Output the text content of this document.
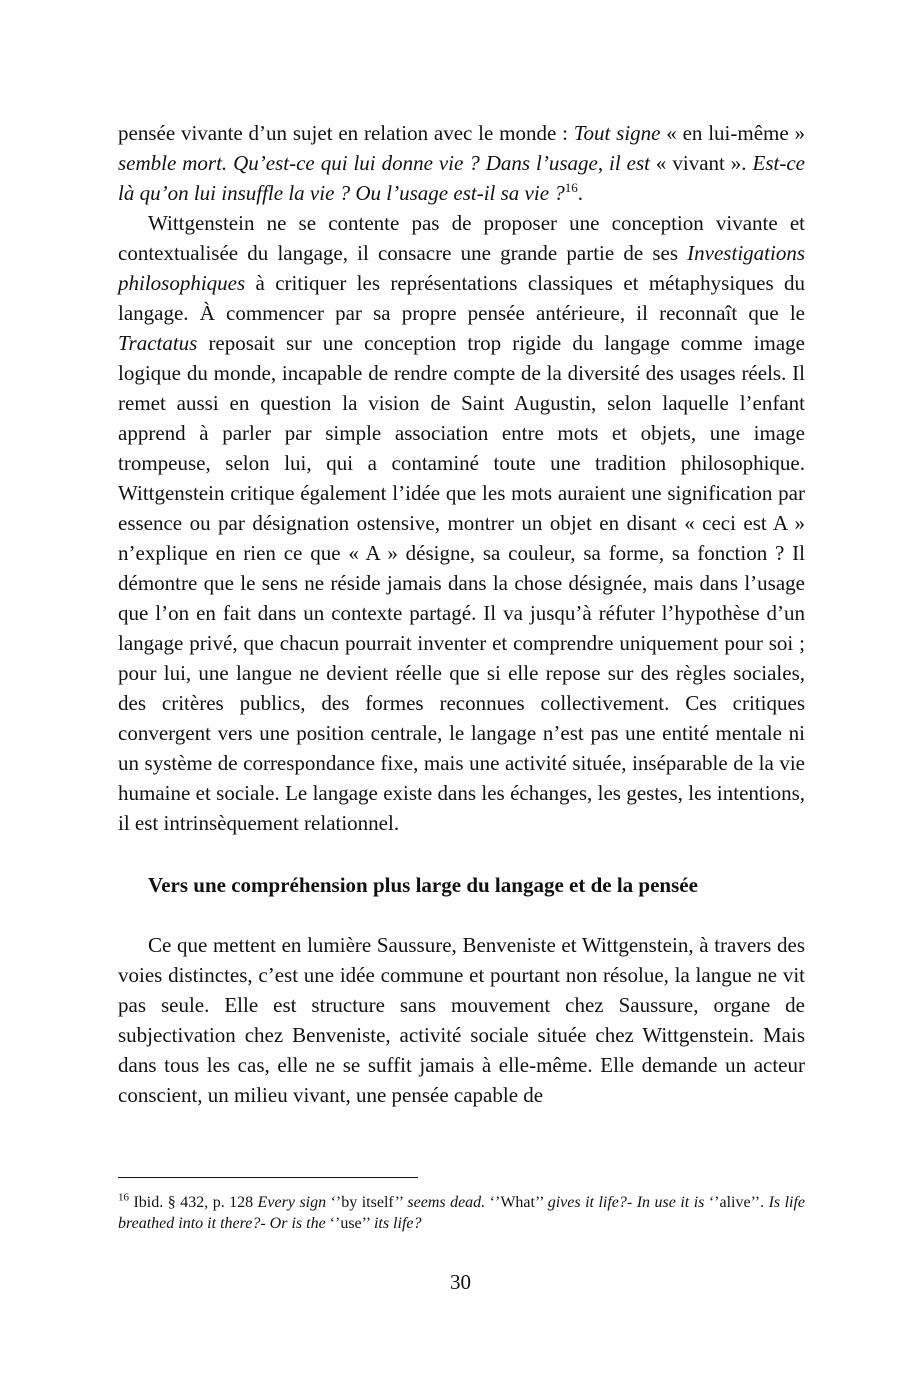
pensée vivante d’un sujet en relation avec le monde : Tout signe « en lui-même » semble mort. Qu’est-ce qui lui donne vie ? Dans l’usage, il est « vivant ». Est-ce là qu’on lui insuffle la vie ? Ou l’usage est-il sa vie ?$^{16}$.

Wittgenstein ne se contente pas de proposer une conception vivante et contextualisée du langage, il consacre une grande partie de ses Investigations philosophiques à critiquer les représentations classiques et métaphysiques du langage. À commencer par sa propre pensée antérieure, il reconnaît que le Tractatus reposait sur une conception trop rigide du langage comme image logique du monde, incapable de rendre compte de la diversité des usages réels. Il remet aussi en question la vision de Saint Augustin, selon laquelle l’enfant apprend à parler par simple association entre mots et objets, une image trompeuse, selon lui, qui a contaminé toute une tradition philosophique. Wittgenstein critique également l’idée que les mots auraient une signification par essence ou par désignation ostensive, montrer un objet en disant « ceci est A » n’explique en rien ce que « A » désigne, sa couleur, sa forme, sa fonction ? Il démontre que le sens ne réside jamais dans la chose désignée, mais dans l’usage que l’on en fait dans un contexte partagé. Il va jusqu’à réfuter l’hypothèse d’un langage privé, que chacun pourrait inventer et comprendre uniquement pour soi ; pour lui, une langue ne devient réelle que si elle repose sur des règles sociales, des critères publics, des formes reconnues collectivement. Ces critiques convergent vers une position centrale, le langage n’est pas une entité mentale ni un système de correspondance fixe, mais une activité située, inséparable de la vie humaine et sociale. Le langage existe dans les échanges, les gestes, les intentions, il est intrinsèquement relationnel.

Vers une compréhension plus large du langage et de la pensée

Ce que mettent en lumière Saussure, Benveniste et Wittgenstein, à travers des voies distinctes, c’est une idée commune et pourtant non résolue, la langue ne vit pas seule. Elle est structure sans mouvement chez Saussure, organe de subjectivation chez Benveniste, activité sociale située chez Wittgenstein. Mais dans tous les cas, elle ne se suffit jamais à elle-même. Elle demande un acteur conscient, un milieu vivant, une pensée capable de

$^{16}$ Ibid. § 432, p. 128 Every sign ‘’by itself’’ seems dead. ‘’What’’ gives it life?- In use it is ‘’alive’’. Is life breathed into it there?- Or is the ‘’use’’ its life?

30
